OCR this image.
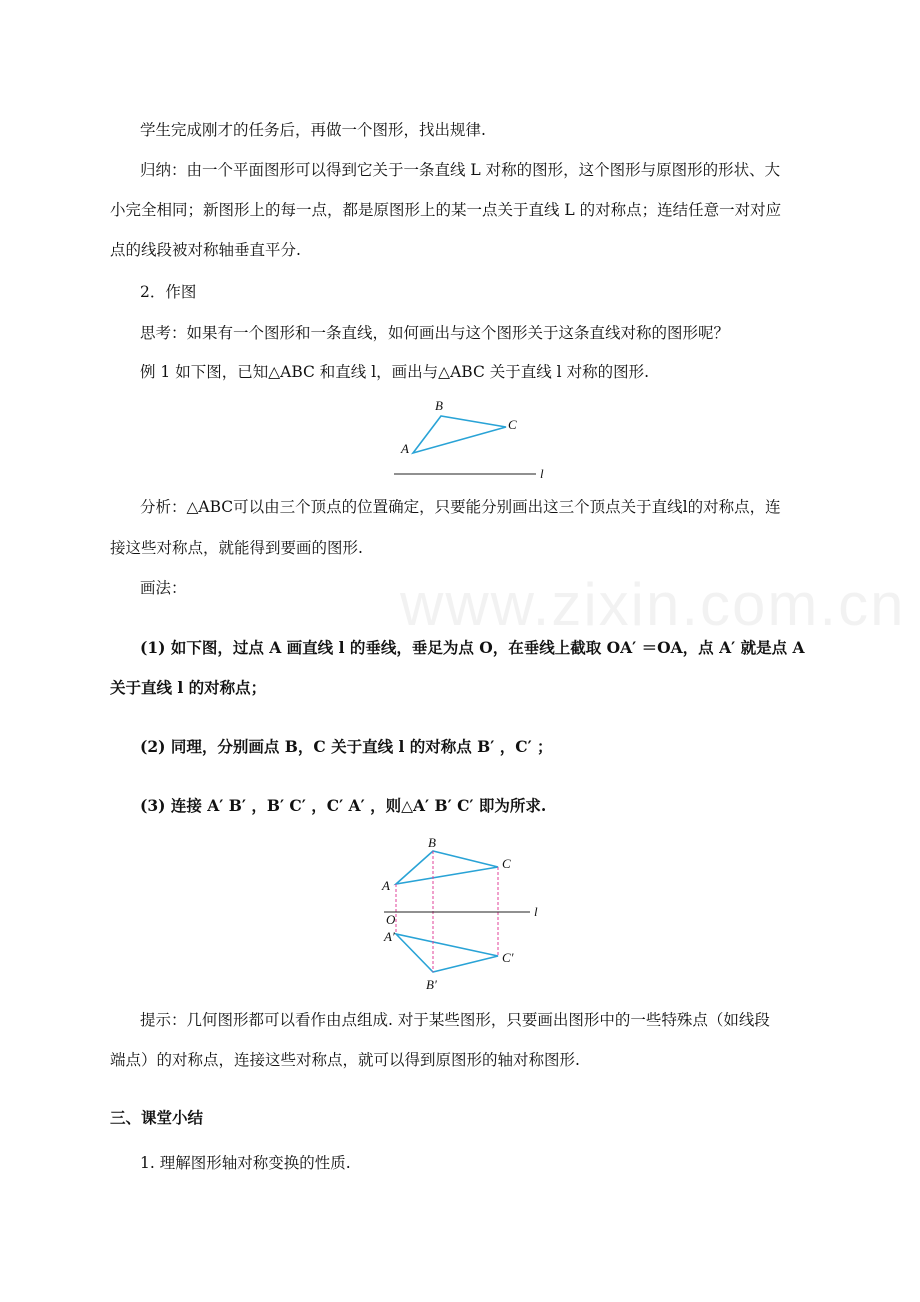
www.zixin.com.cn
学生完成刚才的任务后，再做一个图形，找出规律.
归纳：由一个平面图形可以得到它关于一条直线 L 对称的图形，这个图形与原图形的形状、大
小完全相同；新图形上的每一点，都是原图形上的某一点关于直线 L 的对称点；连结任意一对对应
点的线段被对称轴垂直平分.
2．作图
思考：如果有一个图形和一条直线，如何画出与这个图形关于这条直线对称的图形呢？
例 1 如下图，已知△ABC 和直线 l，画出与△ABC 关于直线 l 对称的图形.
B
C
A
l
分析：△ABC可以由三个顶点的位置确定，只要能分别画出这三个顶点关于直线l的对称点，连
接这些对称点，就能得到要画的图形.
画法：
(1) 如下图，过点 A 画直线 l 的垂线，垂足为点 O，在垂线上截取 OA′ ＝OA，点 A′ 就是点 A
关于直线 l 的对称点；
(2) 同理，分别画点 B，C 关于直线 l 的对称点 B′ ，C′ ；
(3) 连接 A′ B′ ，B′ C′ ，C′ A′ ，则△A′ B′ C′ 即为所求.
B
C
A
O
l
A′
C′
B′
提示：几何图形都可以看作由点组成. 对于某些图形，只要画出图形中的一些特殊点（如线段
端点）的对称点，连接这些对称点，就可以得到原图形的轴对称图形.
三、课堂小结
1. 理解图形轴对称变换的性质.
